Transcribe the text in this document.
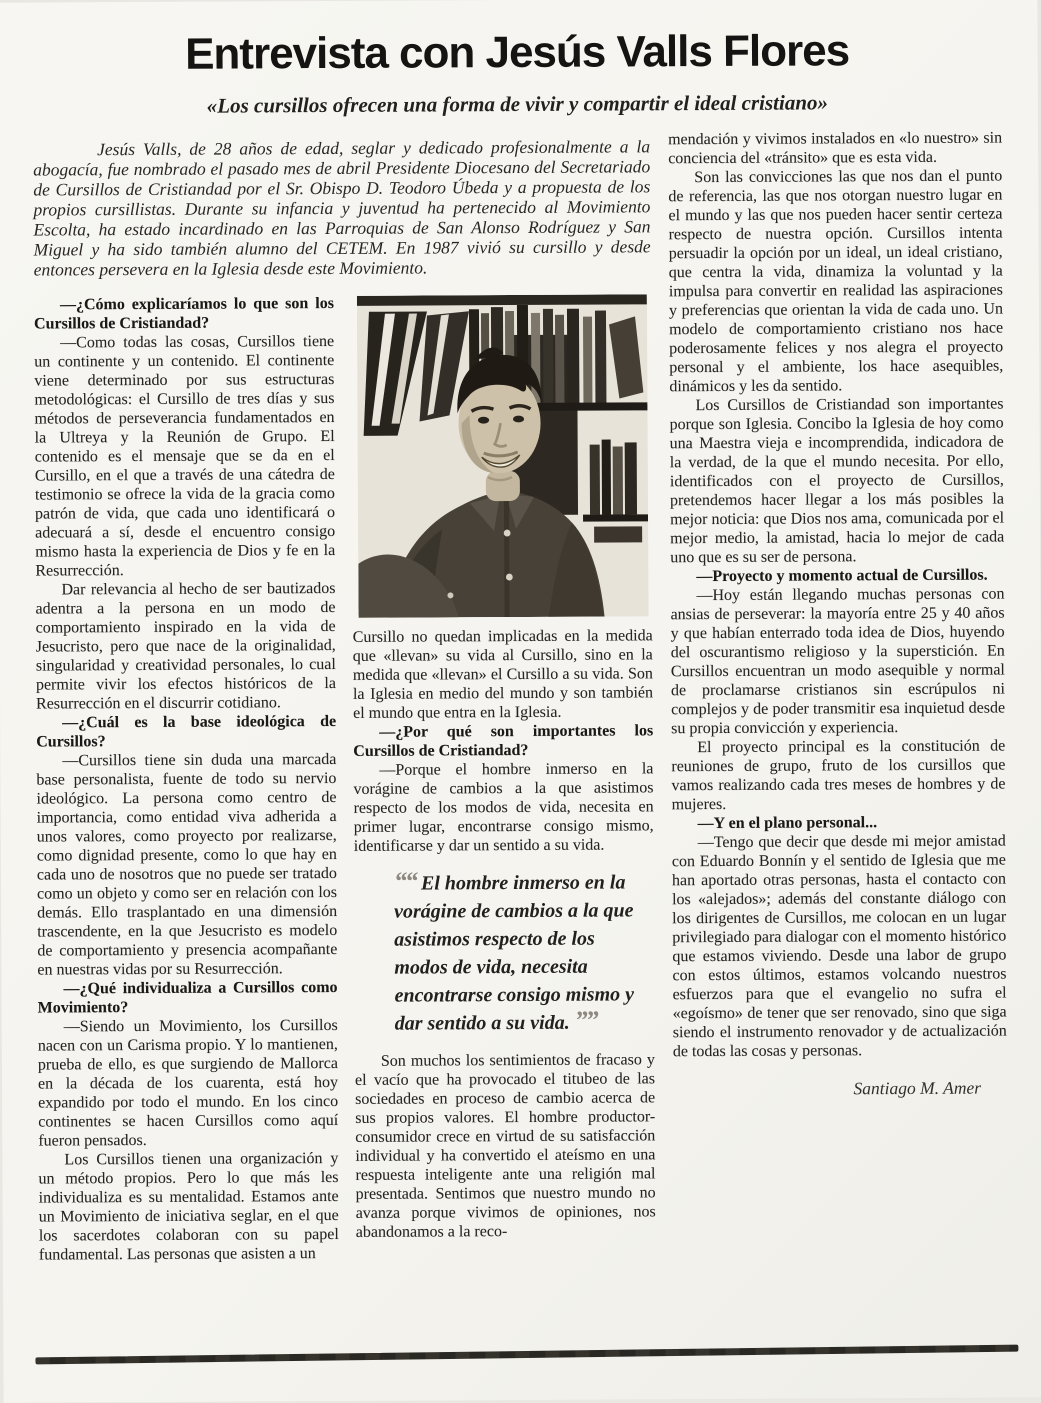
Entrevista con Jesús Valls Flores
«Los cursillos ofrecen una forma de vivir y compartir el ideal cristiano»

Jesús Valls, de 28 años de edad, seglar y dedicado profesionalmente a la abogacía, fue nombrado el pasado mes de abril Presidente Diocesano del Secretariado de Cursillos de Cristiandad por el Sr. Obispo D. Teodoro Úbeda y a propuesta de los propios cursillistas. Durante su infancia y juventud ha pertenecido al Movimiento Escolta, ha estado incardinado en las Parroquias de San Alonso Rodríguez y San Miguel y ha sido también alumno del CETEM. En 1987 vivió su cursillo y desde entonces persevera en la Iglesia desde este Movimiento.

—¿Cómo explicaríamos lo que son los Cursillos de Cristiandad?

—Como todas las cosas, Cursillos tiene un continente y un contenido. El continente viene determinado por sus estructuras metodológicas: el Cursillo de tres días y sus métodos de perseverancia fundamentados en la Ultreya y la Reunión de Grupo. El contenido es el mensaje que se da en el Cursillo, en el que a través de una cátedra de testimonio se ofrece la vida de la gracia como patrón de vida, que cada uno identificará o adecuará a sí, desde el encuentro consigo mismo hasta la experiencia de Dios y fe en la Resurrección.

Dar relevancia al hecho de ser bautizados adentra a la persona en un modo de comportamiento inspirado en la vida de Jesucristo, pero que nace de la originalidad, singularidad y creatividad personales, lo cual permite vivir los efectos históricos de la Resurrección en el discurrir cotidiano.

—¿Cuál es la base ideológica de Cursillos?

—Cursillos tiene sin duda una marcada base personalista, fuente de todo su nervio ideológico. La persona como centro de importancia, como entidad viva adherida a unos valores, como proyecto por realizarse, como dignidad presente, como lo que hay en cada uno de nosotros que no puede ser tratado como un objeto y como ser en relación con los demás. Ello trasplantado en una dimensión trascendente, en la que Jesucristo es modelo de comportamiento y presencia acompañante en nuestras vidas por su Resurrección.

—¿Qué individualiza a Cursillos como Movimiento?

—Siendo un Movimiento, los Cursillos nacen con un Carisma propio. Y lo mantienen, prueba de ello, es que surgiendo de Mallorca en la década de los cuarenta, está hoy expandido por todo el mundo. En los cinco continentes se hacen Cursillos como aquí fueron pensados.

Los Cursillos tienen una organización y un método propios. Pero lo que más les individualiza es su mentalidad. Estamos ante un Movimiento de iniciativa seglar, en el que los sacerdotes colaboran con su papel fundamental. Las personas que asisten a un

Cursillo no quedan implicadas en la medida que «llevan» su vida al Cursillo, sino en la medida que «llevan» el Cursillo a su vida. Son la Iglesia en medio del mundo y son también el mundo que entra en la Iglesia.

—¿Por qué son importantes los Cursillos de Cristiandad?

—Porque el hombre inmerso en la vorágine de cambios a la que asistimos respecto de los modos de vida, necesita en primer lugar, encontrarse consigo mismo, identificarse y dar un sentido a su vida.

““ El hombre inmerso en la vorágine de cambios a la que asistimos respecto de los modos de vida, necesita encontrarse consigo mismo y dar sentido a su vida. ””

Son muchos los sentimientos de fracaso y el vacío que ha provocado el titubeo de las sociedades en proceso de cambio acerca de sus propios valores. El hombre productor-consumidor crece en virtud de su satisfacción individual y ha convertido el ateísmo en una respuesta inteligente ante una religión mal presentada. Sentimos que nuestro mundo no avanza porque vivimos de opiniones, nos abandonamos a la reco-

mendación y vivimos instalados en «lo nuestro» sin conciencia del «tránsito» que es esta vida.

Son las convicciones las que nos dan el punto de referencia, las que nos otorgan nuestro lugar en el mundo y las que nos pueden hacer sentir certeza respecto de nuestra opción. Cursillos intenta persuadir la opción por un ideal, un ideal cristiano, que centra la vida, dinamiza la voluntad y la impulsa para convertir en realidad las aspiraciones y preferencias que orientan la vida de cada uno. Un modelo de comportamiento cristiano nos hace poderosamente felices y nos alegra el proyecto personal y el ambiente, los hace asequibles, dinámicos y les da sentido.

Los Cursillos de Cristiandad son importantes porque son Iglesia. Concibo la Iglesia de hoy como una Maestra vieja e incomprendida, indicadora de la verdad, de la que el mundo necesita. Por ello, identificados con el proyecto de Cursillos, pretendemos hacer llegar a los más posibles la mejor noticia: que Dios nos ama, comunicada por el mejor medio, la amistad, hacia lo mejor de cada uno que es su ser de persona.

—Proyecto y momento actual de Cursillos.

—Hoy están llegando muchas personas con ansias de perseverar: la mayoría entre 25 y 40 años y que habían enterrado toda idea de Dios, huyendo del oscurantismo religioso y la superstición. En Cursillos encuentran un modo asequible y normal de proclamarse cristianos sin escrúpulos ni complejos y de poder transmitir esa inquietud desde su propia convicción y experiencia.

El proyecto principal es la constitución de reuniones de grupo, fruto de los cursillos que vamos realizando cada tres meses de hombres y de mujeres.

—Y en el plano personal...

—Tengo que decir que desde mi mejor amistad con Eduardo Bonnín y el sentido de Iglesia que me han aportado otras personas, hasta el contacto con los «alejados»; además del constante diálogo con los dirigentes de Cursillos, me colocan en un lugar privilegiado para dialogar con el momento histórico que estamos viviendo. Desde una labor de grupo con estos últimos, estamos volcando nuestros esfuerzos para que el evangelio no sufra el «egoísmo» de tener que ser renovado, sino que siga siendo el instrumento renovador y de actualización de todas las cosas y personas.

Santiago M. Amer
